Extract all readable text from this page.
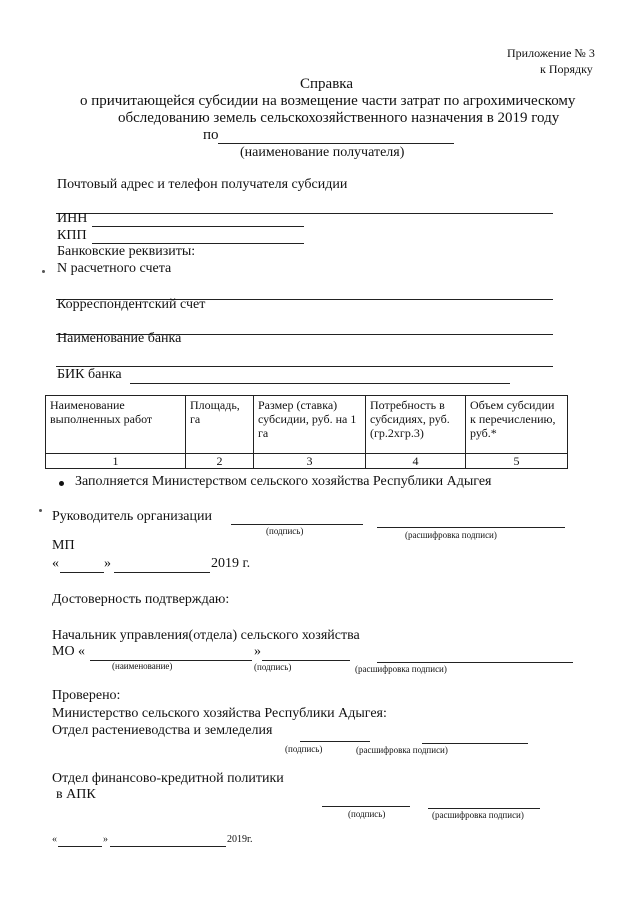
Приложение № 3
к Порядку
Справка
о причитающейся субсидии на возмещение части затрат по агрохимическому
обследованию земель сельскохозяйственного назначения в 2019 году
по
(наименование получателя)
Почтовый адрес и телефон получателя субсидии
ИНН
КПП
Банковские реквизиты:
N расчетного счета
Корреспондентский счет
Наименование банка
БИК банка
Наименование выполненных работ	Площадь, га	Размер (ставка) субсидии, руб. на 1 га	Потребность в субсидиях, руб.(гр.2хгр.3)	Объем субсидии к перечислению, руб.*
1	2	3	4	5
Заполняется Министерством сельского хозяйства Республики Адыгея
Руководитель организации
(подпись)	(расшифровка подписи)
МП
«	»	2019 г.
Достоверность подтверждаю:
Начальник управления(отдела) сельского хозяйства
МО «	»
(наименование)	(подпись)	(расшифровка подписи)
Проверено:
Министерство сельского хозяйства Республики Адыгея:
Отдел растениеводства и земледелия
(подпись)	(расшифровка подписи)
Отдел финансово-кредитной политики
в АПК
(подпись)	(расшифровка подписи)
«	»	2019г.
